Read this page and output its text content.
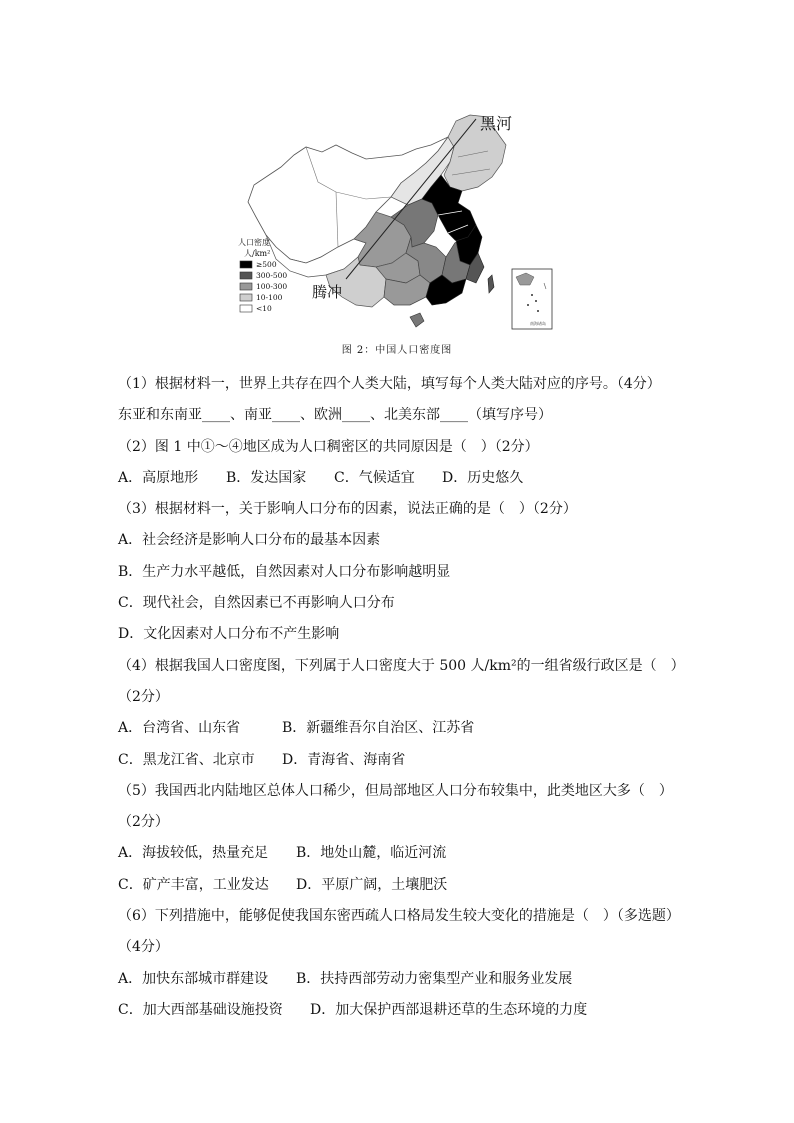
黑河
腾冲
人口密度
人/km²
≥500
300-500
100-300
10-100
<10
南海诸岛
图 2：中国人口密度图
（1）根据材料一，世界上共存在四个人类大陆，填写每个人类大陆对应的序号。（4分）
东亚和东南亚____、南亚____、欧洲____、北美东部____（填写序号）
（2）图 1 中①～④地区成为人口稠密区的共同原因是（　）（2分）
A．高原地形 B．发达国家 C．气候适宜 D．历史悠久
（3）根据材料一，关于影响人口分布的因素，说法正确的是（　）（2分）
A．社会经济是影响人口分布的最基本因素
B．生产力水平越低，自然因素对人口分布影响越明显
C．现代社会，自然因素已不再影响人口分布
D．文化因素对人口分布不产生影响
（4）根据我国人口密度图，下列属于人口密度大于 500 人/km²的一组省级行政区是（　）
（2分）
A．台湾省、山东省	B．新疆维吾尔自治区、江苏省
C．黑龙江省、北京市 D．青海省、海南省
（5）我国西北内陆地区总体人口稀少，但局部地区人口分布较集中，此类地区大多（　）
（2分）
A．海拔较低，热量充足 B．地处山麓，临近河流
C．矿产丰富，工业发达 D．平原广阔，土壤肥沃
（6）下列措施中，能够促使我国东密西疏人口格局发生较大变化的措施是（　）（多选题）
（4分）
A．加快东部城市群建设 B．扶持西部劳动力密集型产业和服务业发展
C．加大西部基础设施投资 D．加大保护西部退耕还草的生态环境的力度
